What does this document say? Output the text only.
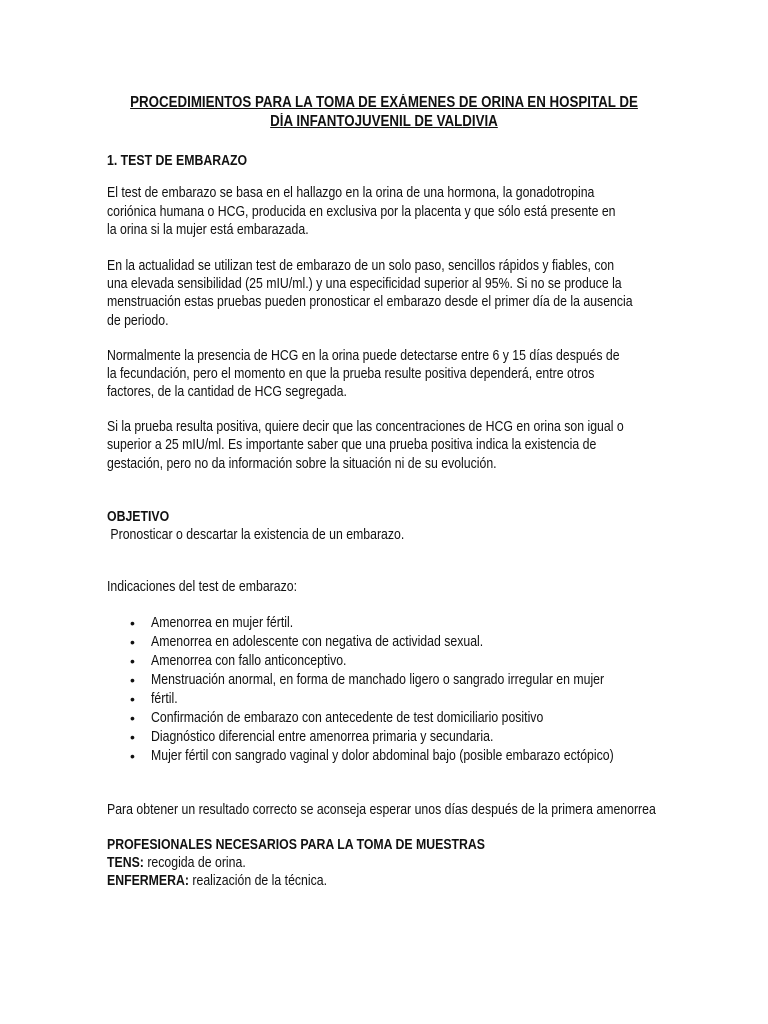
PROCEDIMIENTOS PARA LA TOMA DE EXÁMENES DE ORINA EN HOSPITAL DE
DÍA INFANTOJUVENIL DE VALDIVIA
1. TEST DE EMBARAZO
El test de embarazo se basa en el hallazgo en la orina de una hormona, la gonadotropina
coriónica humana o HCG, producida en exclusiva por la placenta y que sólo está presente en
la orina si la mujer está embarazada.
En la actualidad se utilizan test de embarazo de un solo paso, sencillos rápidos y fiables, con
una elevada sensibilidad (25 mIU/ml.) y una especificidad superior al 95%. Si no se produce la
menstruación estas pruebas pueden pronosticar el embarazo desde el primer día de la ausencia
de periodo.
Normalmente la presencia de HCG en la orina puede detectarse entre 6 y 15 días después de
la fecundación, pero el momento en que la prueba resulte positiva dependerá, entre otros
factores, de la cantidad de HCG segregada.
Si la prueba resulta positiva, quiere decir que las concentraciones de HCG en orina son igual o
superior a 25 mIU/ml. Es importante saber que una prueba positiva indica la existencia de
gestación, pero no da información sobre la situación ni de su evolución.
OBJETIVO
Pronosticar o descartar la existencia de un embarazo.
Indicaciones del test de embarazo:
• Amenorrea en mujer fértil.
• Amenorrea en adolescente con negativa de actividad sexual.
• Amenorrea con fallo anticonceptivo.
• Menstruación anormal, en forma de manchado ligero o sangrado irregular en mujer
• fértil.
• Confirmación de embarazo con antecedente de test domiciliario positivo
• Diagnóstico diferencial entre amenorrea primaria y secundaria.
• Mujer fértil con sangrado vaginal y dolor abdominal bajo (posible embarazo ectópico)
Para obtener un resultado correcto se aconseja esperar unos días después de la primera amenorrea
PROFESIONALES NECESARIOS PARA LA TOMA DE MUESTRAS
TENS: recogida de orina.
ENFERMERA: realización de la técnica.
